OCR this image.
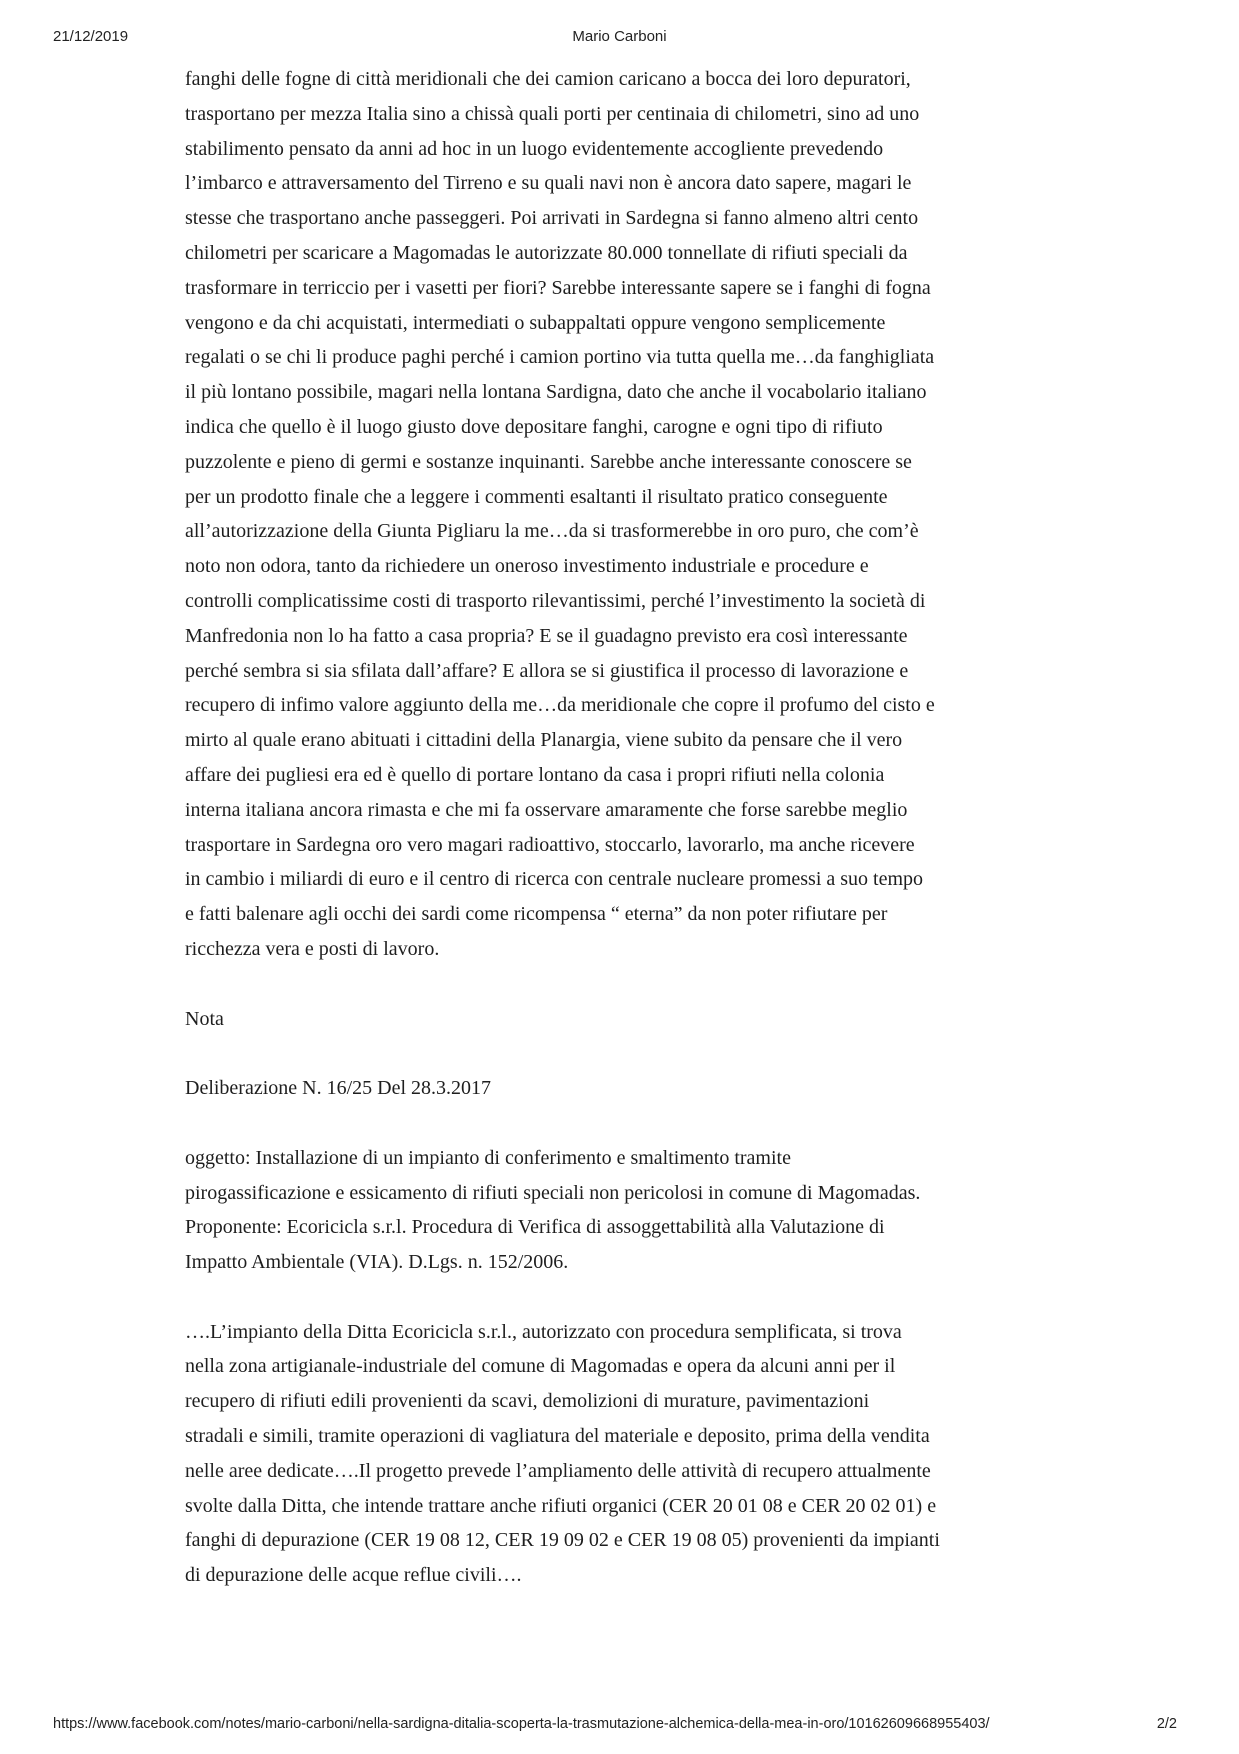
21/12/2019	Mario Carboni

fanghi delle fogne di città meridionali che dei camion caricano a bocca dei loro depuratori,
trasportano per mezza Italia sino a chissà quali porti per centinaia di chilometri, sino ad uno
stabilimento pensato da anni ad hoc in un luogo evidentemente accogliente prevedendo
l’imbarco e attraversamento del Tirreno e su quali navi non è ancora dato sapere, magari le
stesse che trasportano anche passeggeri. Poi arrivati in Sardegna si fanno almeno altri cento
chilometri per scaricare a Magomadas le autorizzate 80.000 tonnellate di rifiuti speciali da
trasformare in terriccio per i vasetti per fiori? Sarebbe interessante sapere se i fanghi di fogna
vengono e da chi acquistati, intermediati o subappaltati oppure vengono semplicemente
regalati o se chi li produce paghi perché i camion portino via tutta quella me…da fanghigliata
il più lontano possibile, magari nella lontana Sardigna, dato che anche il vocabolario italiano
indica che quello è il luogo giusto dove depositare fanghi, carogne e ogni tipo di rifiuto
puzzolente e pieno di germi e sostanze inquinanti. Sarebbe anche interessante conoscere se
per un prodotto finale che a leggere i commenti esaltanti il risultato pratico conseguente
all’autorizzazione della Giunta Pigliaru la me…da si trasformerebbe in oro puro, che com’è
noto non odora, tanto da richiedere un oneroso investimento industriale e procedure e
controlli complicatissime costi di trasporto rilevantissimi, perché l’investimento la società di
Manfredonia non lo ha fatto a casa propria? E se il guadagno previsto era così interessante
perché sembra si sia sfilata dall’affare? E allora se si giustifica il processo di lavorazione e
recupero di infimo valore aggiunto della me…da meridionale che copre il profumo del cisto e
mirto al quale erano abituati i cittadini della Planargia, viene subito da pensare che il vero
affare dei pugliesi era ed è quello di portare lontano da casa i propri rifiuti nella colonia
interna italiana ancora rimasta e che mi fa osservare amaramente che forse sarebbe meglio
trasportare in Sardegna oro vero magari radioattivo, stoccarlo, lavorarlo, ma anche ricevere
in cambio i miliardi di euro e il centro di ricerca con centrale nucleare promessi a suo tempo
e fatti balenare agli occhi dei sardi come ricompensa “ eterna” da non poter rifiutare per
ricchezza vera e posti di lavoro.

Nota

Deliberazione N. 16/25 Del 28.3.2017

oggetto: Installazione di un impianto di conferimento e smaltimento tramite
pirogassificazione e essicamento di rifiuti speciali non pericolosi in comune di Magomadas.
Proponente: Ecoricicla s.r.l. Procedura di Verifica di assoggettabilità alla Valutazione di
Impatto Ambientale (VIA). D.Lgs. n. 152/2006.

….L’impianto della Ditta Ecoricicla s.r.l., autorizzato con procedura semplificata, si trova
nella zona artigianale-industriale del comune di Magomadas e opera da alcuni anni per il
recupero di rifiuti edili provenienti da scavi, demolizioni di murature, pavimentazioni
stradali e simili, tramite operazioni di vagliatura del materiale e deposito, prima della vendita
nelle aree dedicate….Il progetto prevede l’ampliamento delle attività di recupero attualmente
svolte dalla Ditta, che intende trattare anche rifiuti organici (CER 20 01 08 e CER 20 02 01) e
fanghi di depurazione (CER 19 08 12, CER 19 09 02 e CER 19 08 05) provenienti da impianti
di depurazione delle acque reflue civili….

https://www.facebook.com/notes/mario-carboni/nella-sardigna-ditalia-scoperta-la-trasmutazione-alchemica-della-mea-in-oro/10162609668955403/	2/2
